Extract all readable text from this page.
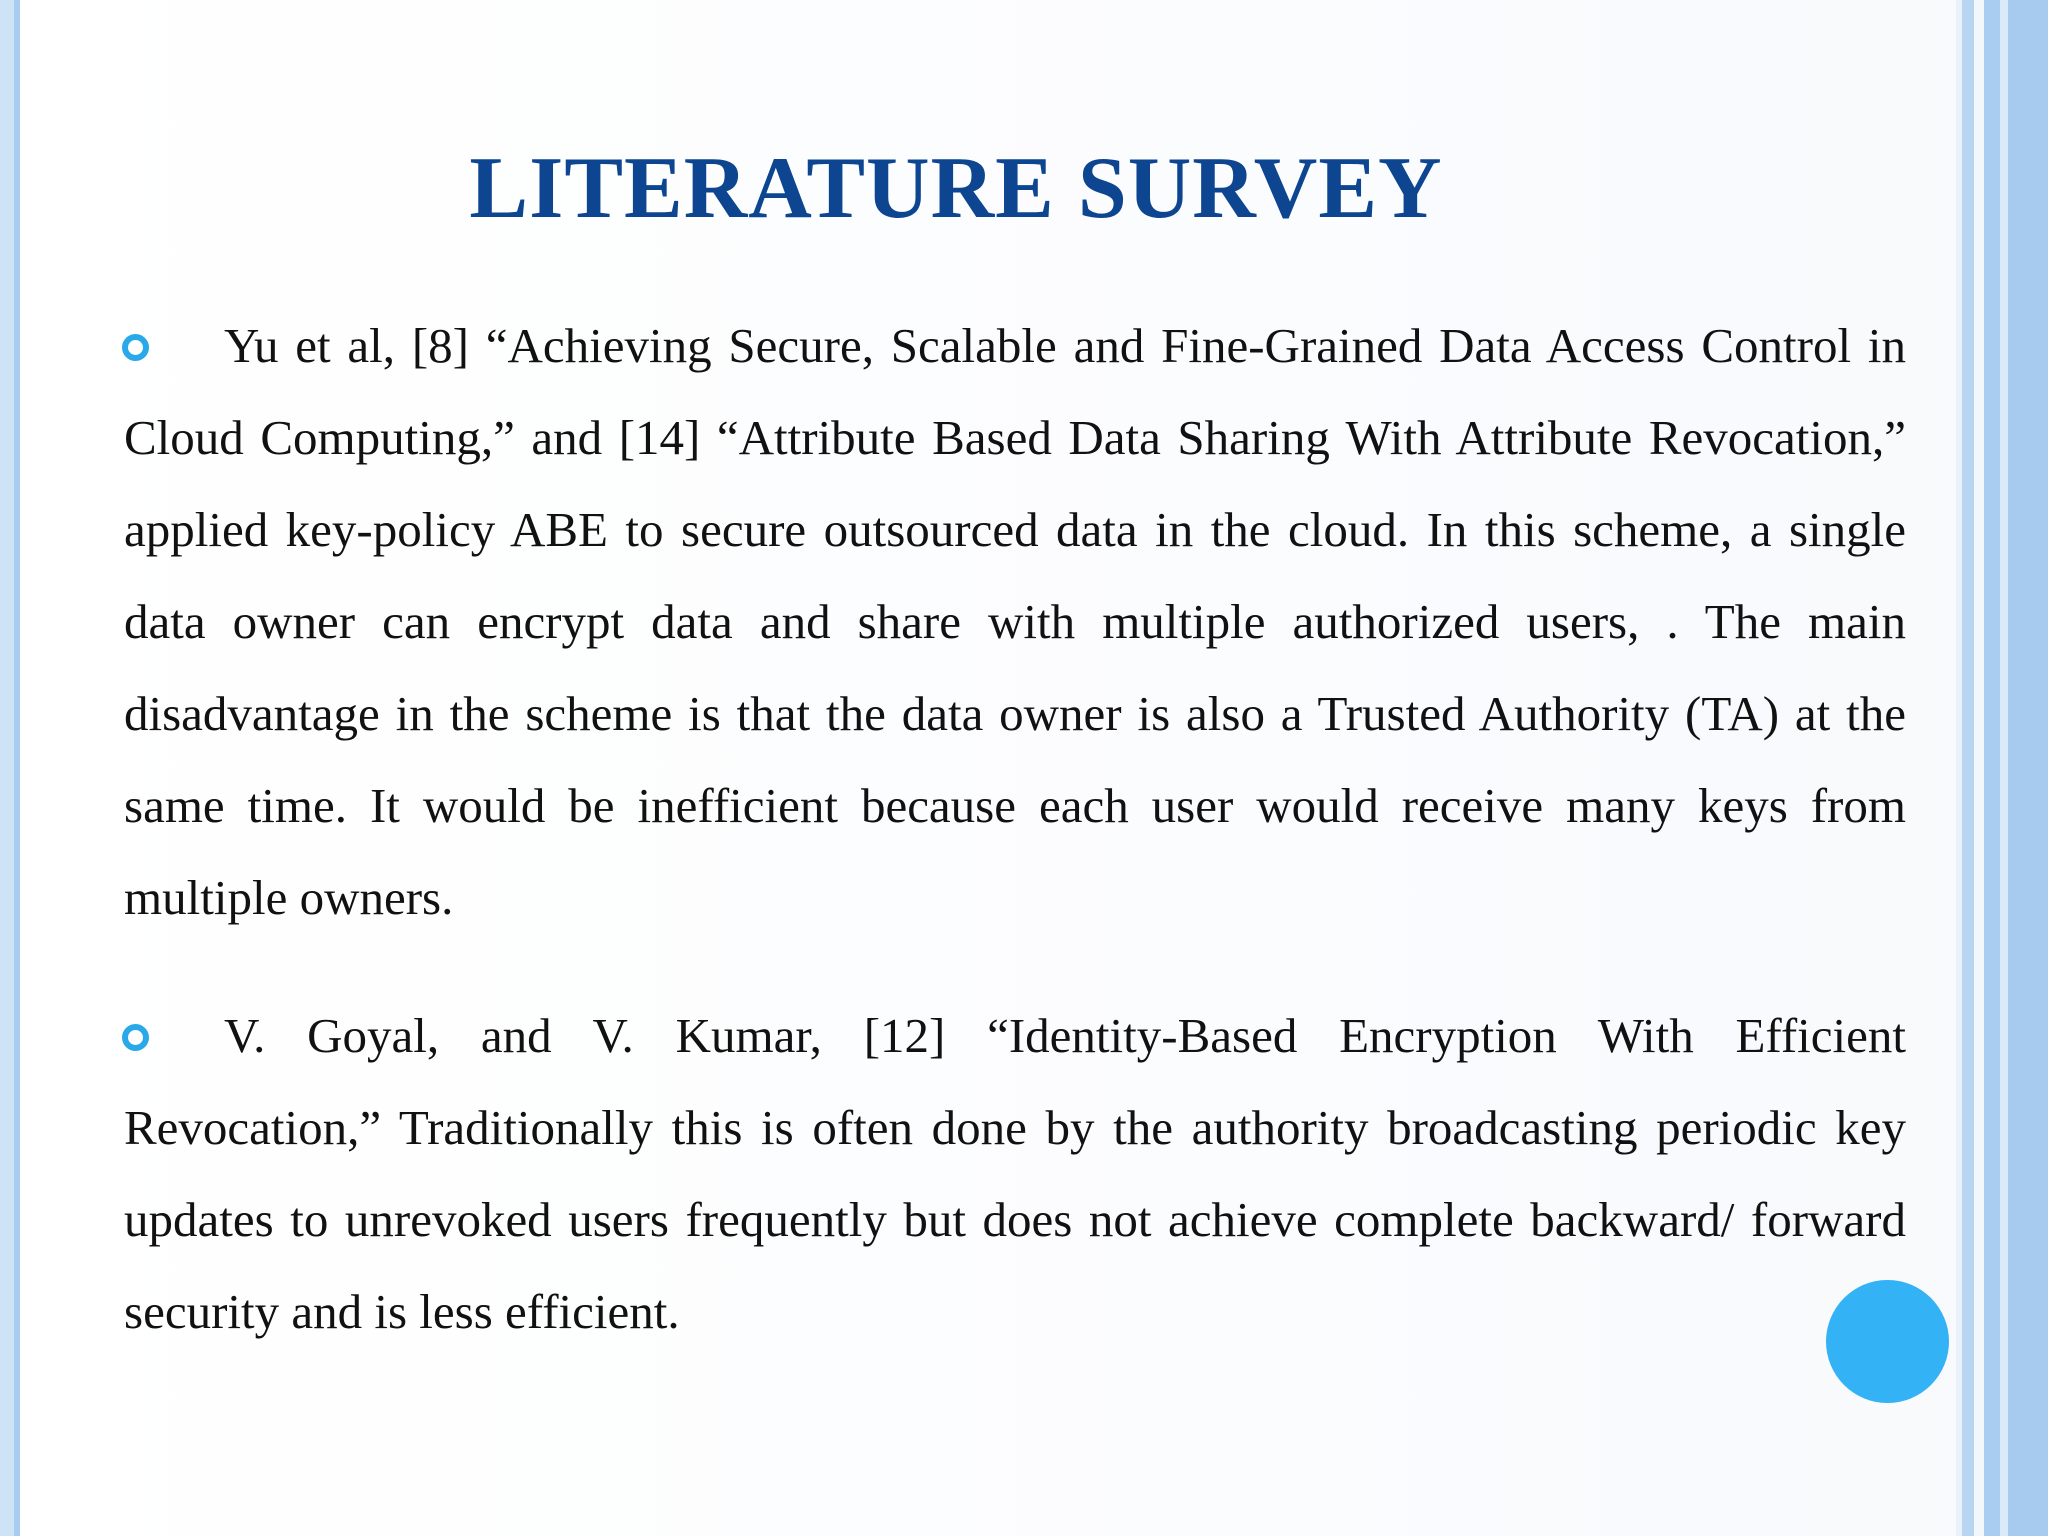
LITERATURE SURVEY
Yu et al, [8] “Achieving Secure, Scalable and Fine-Grained Data Access Control in Cloud Computing,” and [14] “Attribute Based Data Sharing With Attribute Revocation,” applied key-policy ABE to secure outsourced data in the cloud. In this scheme, a single data owner can encrypt data and share with multiple authorized users, . The main disadvantage in the scheme is that the data owner is also a Trusted Authority (TA) at the same time. It would be inefficient because each user would receive many keys from multiple owners.
V. Goyal, and V. Kumar, [12] “Identity-Based Encryption With Efficient Revocation,” Traditionally this is often done by the authority broadcasting periodic key updates to unrevoked users frequently but does not achieve complete backward/ forward security and is less efficient.
